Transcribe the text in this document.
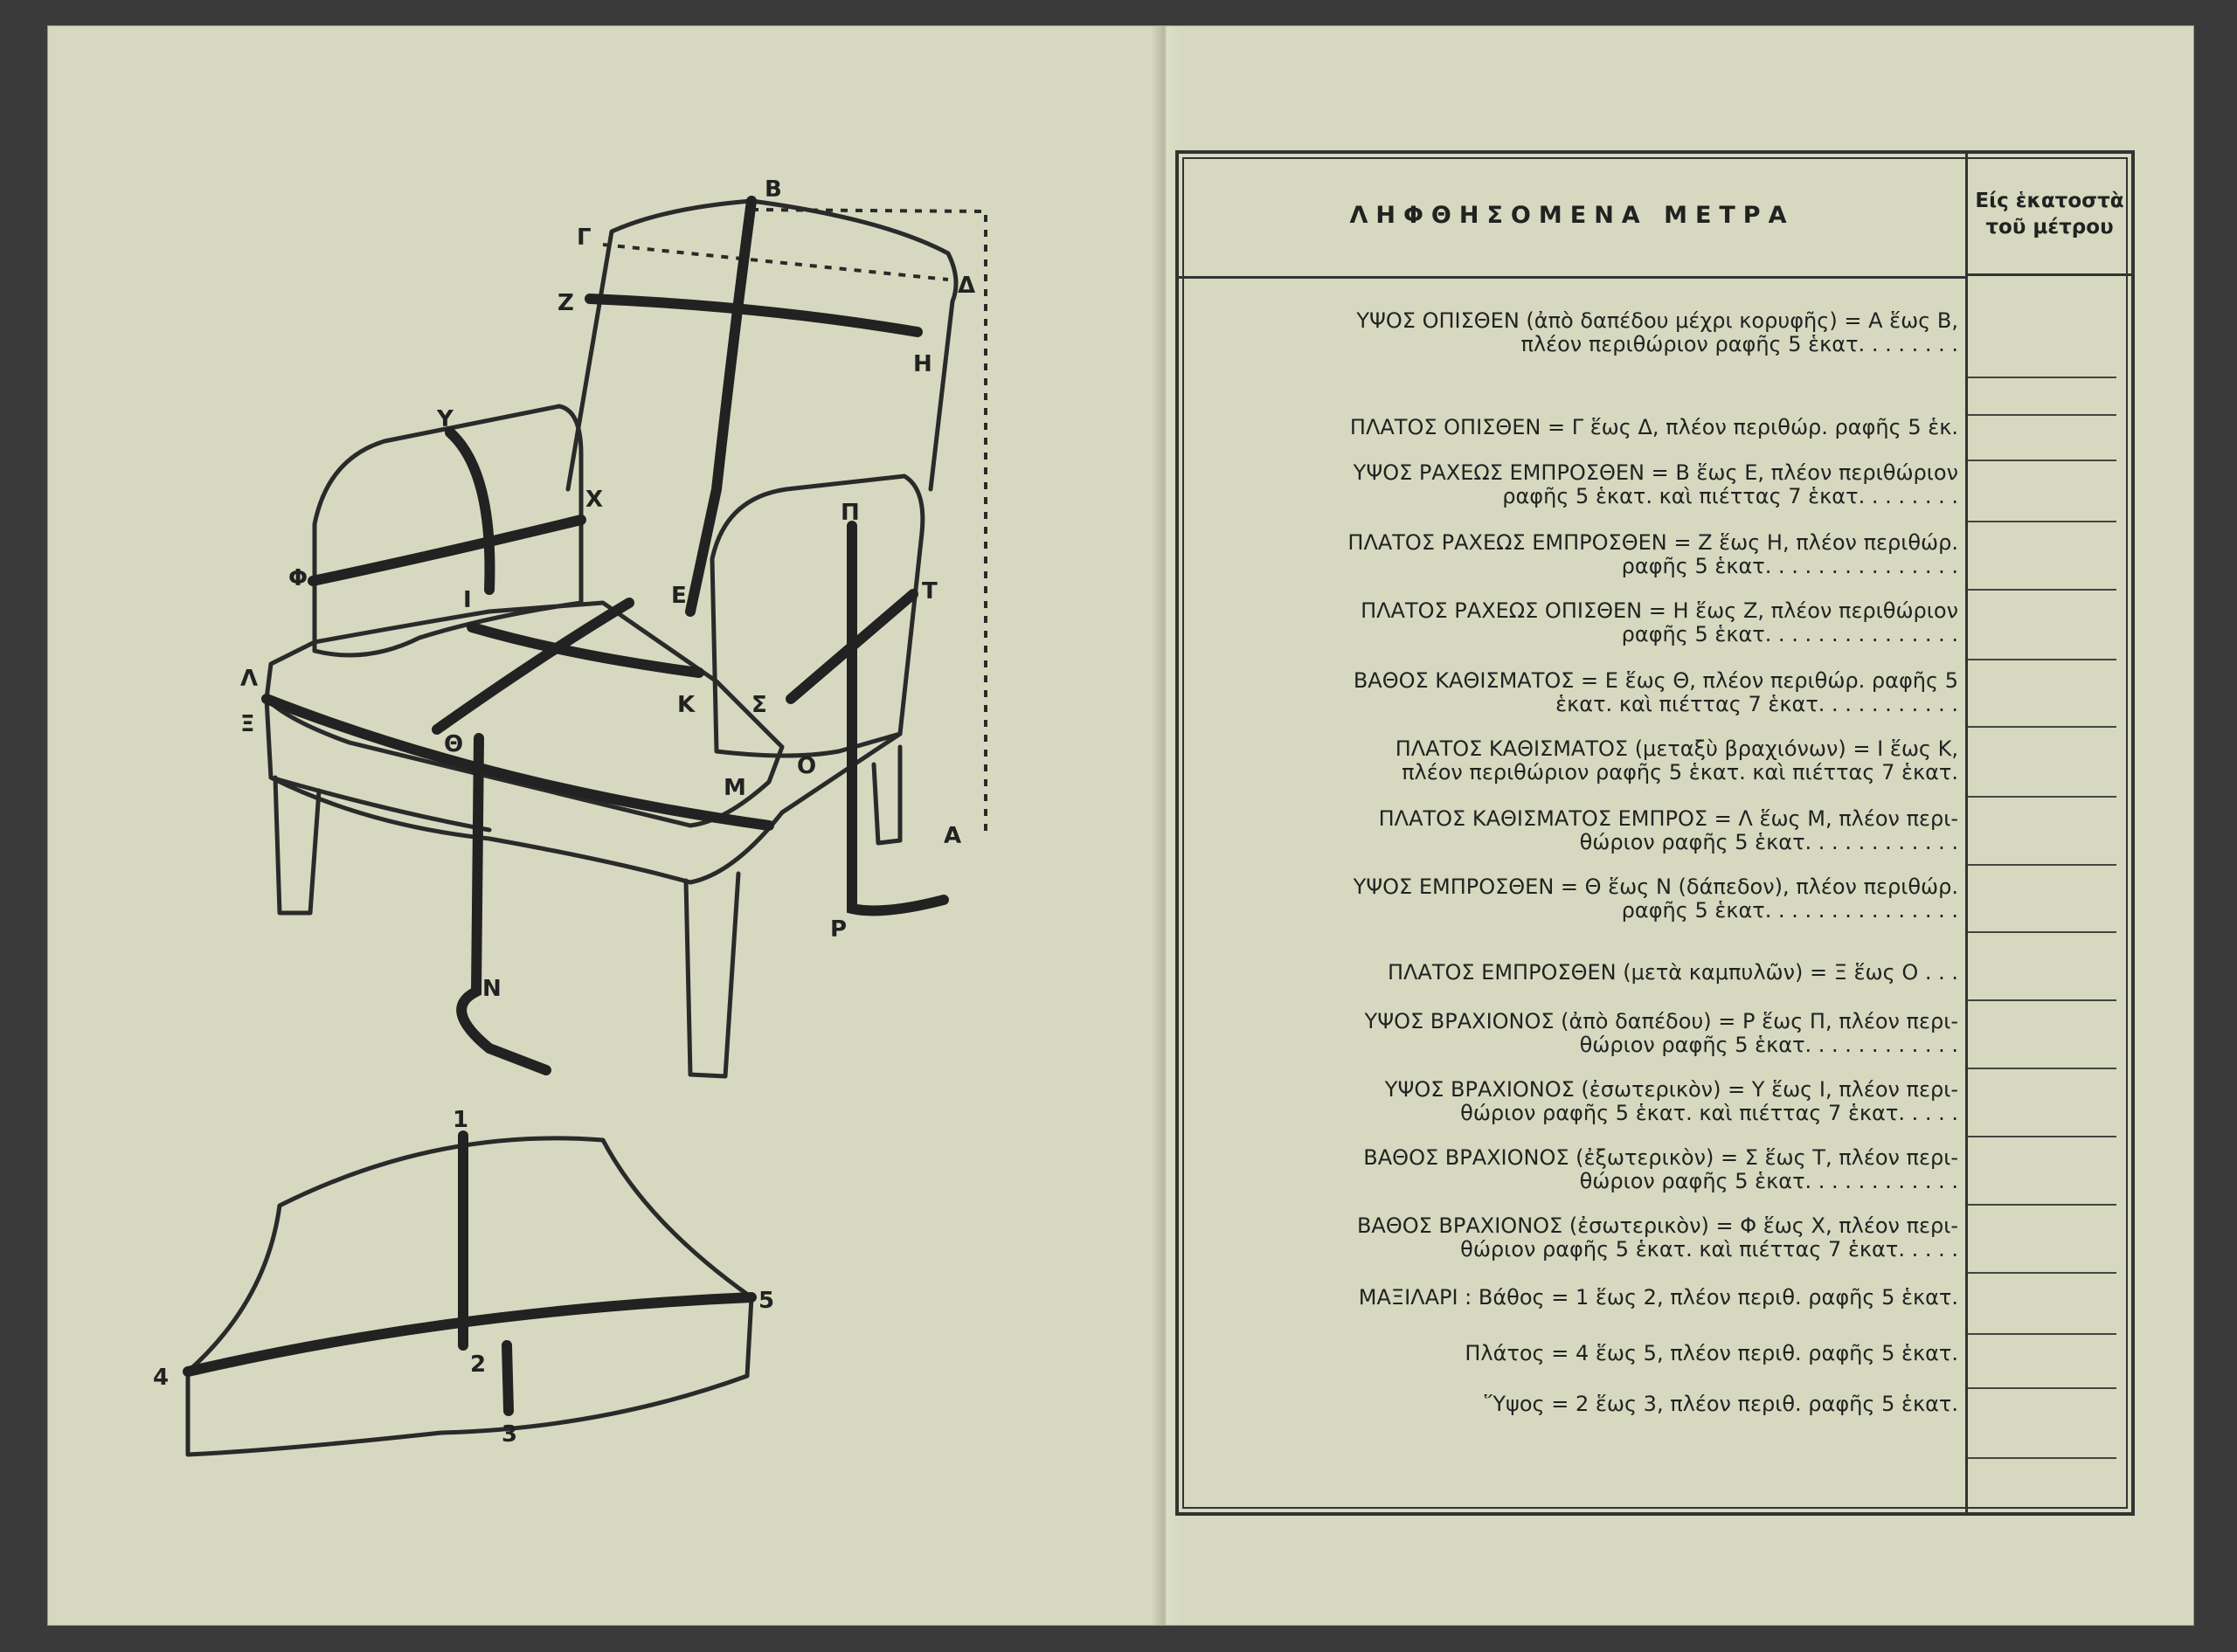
Α
Β
Γ
Δ
Ε
Ζ
Η
Θ
Ι
Κ
Λ
Μ
Ν
Ξ
Ο
Π
Ρ
Σ
Τ
Υ
Φ
Χ
1
2
3
4
5
ΛΗΦΘΗΣΟΜΕΝΑ ΜΕΤΡΑ
Είς ἑκατοστὰ τοῦ μέτρου
ΥΨΟΣ ΟΠΙΣΘΕΝ (ἀπὸ δαπέδου μέχρι κορυφῆς) = Α ἕως Β,
πλέον περιθώριον ραφῆς 5 ἑκατ. . . . . . . .
ΠΛΑΤΟΣ ΟΠΙΣΘΕΝ = Γ ἕως Δ, πλέον περιθώρ. ραφῆς 5 ἑκ.
ΥΨΟΣ ΡΑΧΕΩΣ ΕΜΠΡΟΣΘΕΝ = Β ἕως Ε, πλέον περιθώριον
ραφῆς 5 ἑκατ. καὶ πιέττας 7 ἑκατ. . . . . . . .
ΠΛΑΤΟΣ ΡΑΧΕΩΣ ΕΜΠΡΟΣΘΕΝ = Ζ ἕως Η, πλέον περιθώρ.
ραφῆς 5 ἑκατ. . . . . . . . . . . . . . .
ΠΛΑΤΟΣ ΡΑΧΕΩΣ ΟΠΙΣΘΕΝ = Η ἕως Ζ, πλέον περιθώριον
ραφῆς 5 ἑκατ. . . . . . . . . . . . . . .
ΒΑΘΟΣ ΚΑΘΙΣΜΑΤΟΣ = Ε ἕως Θ, πλέον περιθώρ. ραφῆς 5
ἑκατ. καὶ πιέττας 7 ἑκατ. . . . . . . . . . .
ΠΛΑΤΟΣ ΚΑΘΙΣΜΑΤΟΣ (μεταξὺ βραχιόνων) = Ι ἕως Κ,
πλέον περιθώριον ραφῆς 5 ἑκατ. καὶ πιέττας 7 ἑκατ.
ΠΛΑΤΟΣ ΚΑΘΙΣΜΑΤΟΣ ΕΜΠΡΟΣ = Λ ἕως Μ, πλέον περι-
θώριον ραφῆς 5 ἑκατ. . . . . . . . . . . .
ΥΨΟΣ ΕΜΠΡΟΣΘΕΝ = Θ ἕως Ν (δάπεδον), πλέον περιθώρ.
ραφῆς 5 ἑκατ. . . . . . . . . . . . . . .
ΠΛΑΤΟΣ ΕΜΠΡΟΣΘΕΝ (μετὰ καμπυλῶν) = Ξ ἕως Ο . . .
ΥΨΟΣ ΒΡΑΧΙΟΝΟΣ (ἀπὸ δαπέδου) = Ρ ἕως Π, πλέον περι-
θώριον ραφῆς 5 ἑκατ. . . . . . . . . . . .
ΥΨΟΣ ΒΡΑΧΙΟΝΟΣ (ἐσωτερικὸν) = Υ ἕως Ι, πλέον περι-
θώριον ραφῆς 5 ἑκατ. καὶ πιέττας 7 ἑκατ. . . . .
ΒΑΘΟΣ ΒΡΑΧΙΟΝΟΣ (ἐξωτερικὸν) = Σ ἕως Τ, πλέον περι-
θώριον ραφῆς 5 ἑκατ. . . . . . . . . . . .
ΒΑΘΟΣ ΒΡΑΧΙΟΝΟΣ (ἐσωτερικὸν) = Φ ἕως Χ, πλέον περι-
θώριον ραφῆς 5 ἑκατ. καὶ πιέττας 7 ἑκατ. . . . .
ΜΑΞΙΛΑΡΙ : Βάθος = 1 ἕως 2, πλέον περιθ. ραφῆς 5 ἑκατ.
Πλάτος = 4 ἕως 5, πλέον περιθ. ραφῆς 5 ἑκατ.
Ὕψος = 2 ἕως 3, πλέον περιθ. ραφῆς 5 ἑκατ.
